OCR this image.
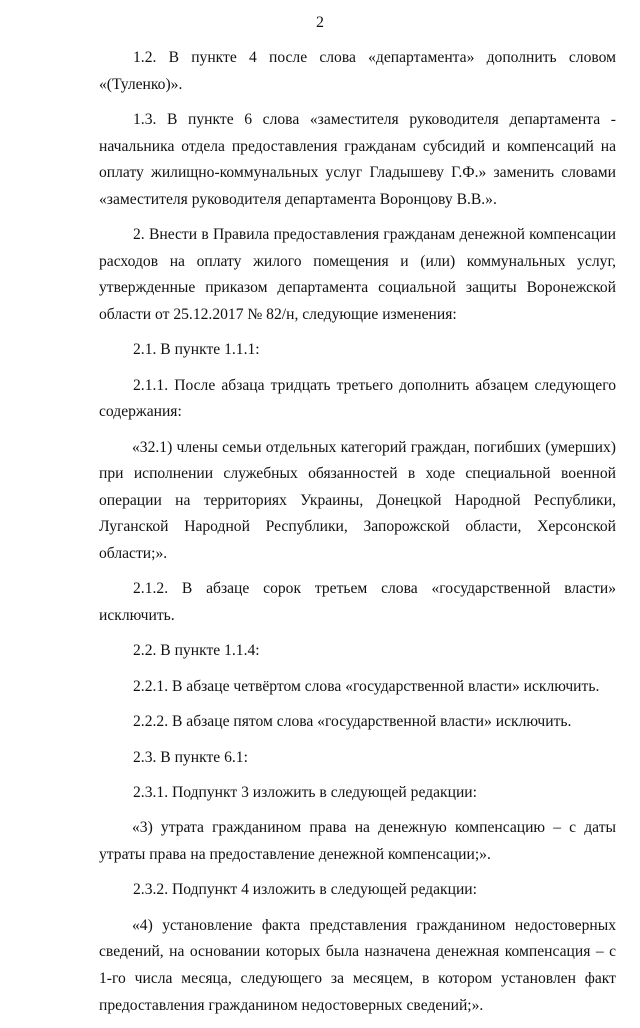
2

1.2. В пункте 4 после слова «департамента» дополнить словом «(Туленко)».

1.3. В пункте 6 слова «заместителя руководителя департамента - начальника отдела предоставления гражданам субсидий и компенсаций на оплату жилищно-коммунальных услуг Гладышеву Г.Ф.» заменить словами «заместителя руководителя департамента Воронцову В.В.».

2. Внести в Правила предоставления гражданам денежной компенсации расходов на оплату жилого помещения и (или) коммунальных услуг, утвержденные приказом департамента социальной защиты Воронежской области от 25.12.2017 № 82/н, следующие изменения:

2.1. В пункте 1.1.1:

2.1.1. После абзаца тридцать третьего дополнить абзацем следующего содержания:

«32.1) члены семьи отдельных категорий граждан, погибших (умерших) при исполнении служебных обязанностей в ходе специальной военной операции на территориях Украины, Донецкой Народной Республики, Луганской Народной Республики, Запорожской области, Херсонской области;».

2.1.2. В абзаце сорок третьем слова «государственной власти» исключить.

2.2. В пункте 1.1.4:

2.2.1. В абзаце четвёртом слова «государственной власти» исключить.

2.2.2. В абзаце пятом слова «государственной власти» исключить.

2.3. В пункте 6.1:

2.3.1. Подпункт 3 изложить в следующей редакции:

«3) утрата гражданином права на денежную компенсацию – с даты утраты права на предоставление денежной компенсации;».

2.3.2. Подпункт 4 изложить в следующей редакции:

«4) установление факта представления гражданином недостоверных сведений, на основании которых была назначена денежная компенсация – с 1-го числа месяца, следующего за месяцем, в котором установлен факт предоставления гражданином недостоверных сведений;».
